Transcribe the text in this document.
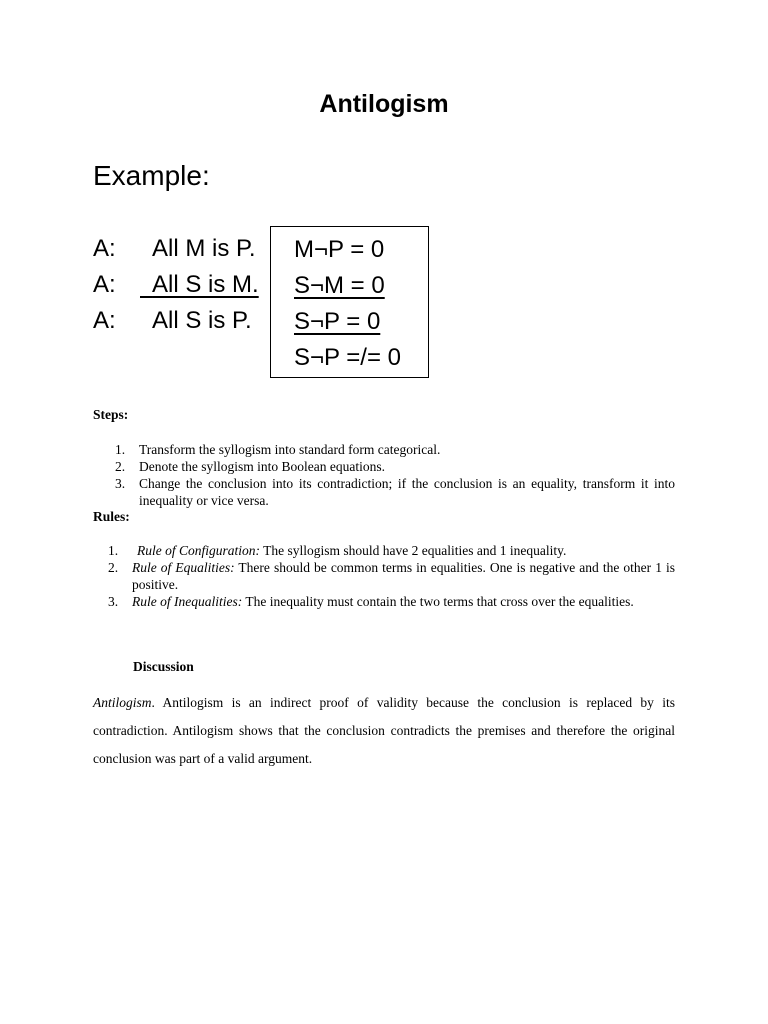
Antilogism
Example:
A: All M is P.
A: All S is M.
A: All S is P.
M¬P = 0
S¬M = 0
S¬P = 0
S¬P =/= 0
Steps:
1. Transform the syllogism into standard form categorical.
2. Denote the syllogism into Boolean equations.
3. Change the conclusion into its contradiction; if the conclusion is an equality, transform it into inequality or vice versa.
Rules:
1. Rule of Configuration: The syllogism should have 2 equalities and 1 inequality.
2. Rule of Equalities: There should be common terms in equalities. One is negative and the other 1 is positive.
3. Rule of Inequalities: The inequality must contain the two terms that cross over the equalities.
Discussion

Antilogism. Antilogism is an indirect proof of validity because the conclusion is replaced by its contradiction. Antilogism shows that the conclusion contradicts the premises and therefore the original conclusion was part of a valid argument.
